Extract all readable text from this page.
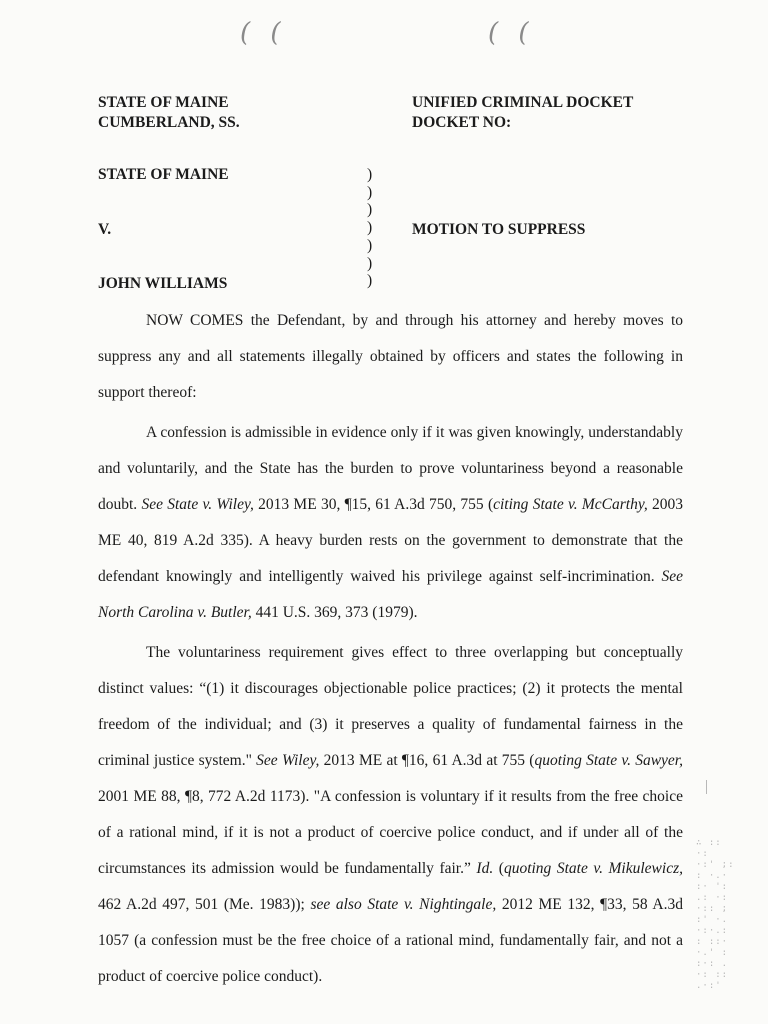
( (	( (
STATE OF MAINE
CUMBERLAND, SS.
UNIFIED CRIMINAL DOCKET
DOCKET NO:
STATE OF MAINE
V.
JOHN WILLIAMS
)
)
)
)
)
)
)
MOTION TO SUPPRESS

NOW COMES the Defendant, by and through his attorney and hereby moves to suppress any and all statements illegally obtained by officers and states the following in support thereof:

A confession is admissible in evidence only if it was given knowingly, understandably and voluntarily, and the State has the burden to prove voluntariness beyond a reasonable doubt. See State v. Wiley, 2013 ME 30, ¶15, 61 A.3d 750, 755 (citing State v. McCarthy, 2003 ME 40, 819 A.2d 335). A heavy burden rests on the government to demonstrate that the defendant knowingly and intelligently waived his privilege against self-incrimination. See North Carolina v. Butler, 441 U.S. 369, 373 (1979).

The voluntariness requirement gives effect to three overlapping but conceptually distinct values: “(1) it discourages objectionable police practices; (2) it protects the mental freedom of the individual; and (3) it preserves a quality of fundamental fairness in the criminal justice system." See Wiley, 2013 ME at ¶16, 61 A.3d at 755 (quoting State v. Sawyer, 2001 ME 88, ¶8, 772 A.2d 1173). "A confession is voluntary if it results from the free choice of a rational mind, if it is not a product of coercive police conduct, and if under all of the circumstances its admission would be fundamentally fair.” Id. (quoting State v. Mikulewicz, 462 A.2d 497, 501 (Me. 1983)); see also State v. Nightingale, 2012 ME 132, ¶33, 58 A.3d 1057 (a confession must be the free choice of a rational mind, fundamentally fair, and not a product of coercive police conduct).

∴ :: ·:
·:' ;:
: ·.·
:· ':
.: ·:
·:: ;
:' ·.
·:·.:
: ::·
·.' :
:·: .
·: ::
.·:'
